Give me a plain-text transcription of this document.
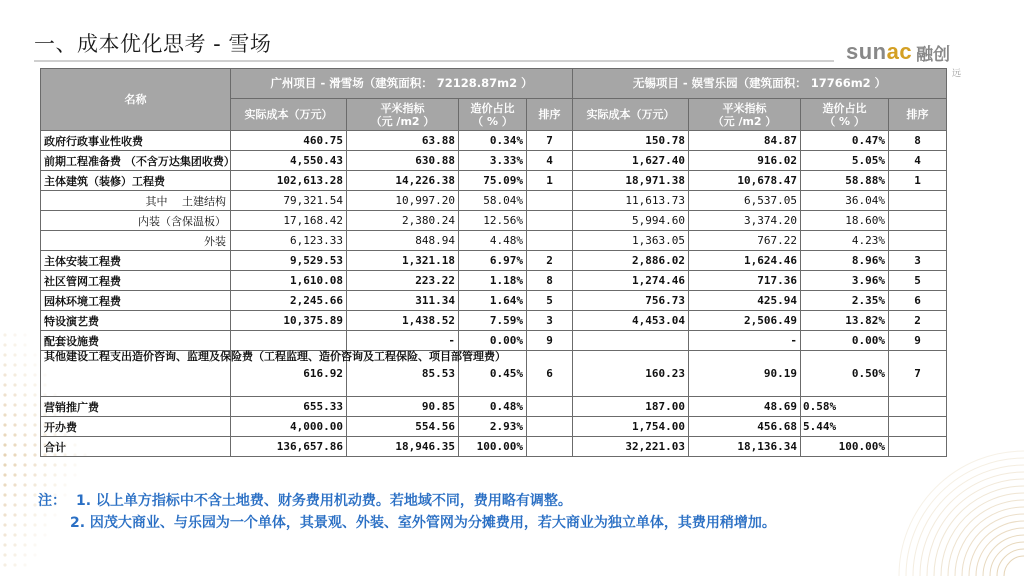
一、成本优化思考 - 雪场	sunac 融创
远
名称	广州项目 - 滑雪场（建筑面积： 72128.87m2 ）				无锡项目 - 娱雪乐园（建筑面积： 17766m2 ）			
	实际成本（万元）	平米指标
（元 /m2 ）	造价占比
（ % ）	排序	实际成本（万元）	平米指标
（元 /m2 ）	造价占比
（ % ）	排序
政府行政事业性收费	460.75	63.88	0.34%	7	150.78	84.87	0.47%	8
前期工程准备费 （不含万达集团收费）	4,550.43	630.88	3.33%	4	1,627.40	916.02	5.05%	4
主体建筑（装修）工程费	102,613.28	14,226.38	75.09%	1	18,971.38	10,678.47	58.88%	1
其中　 土建结构	79,321.54	10,997.20	58.04%		11,613.73	6,537.05	36.04%	
内装（含保温板）	17,168.42	2,380.24	12.56%		5,994.60	3,374.20	18.60%	
外装	6,123.33	848.94	4.48%		1,363.05	767.22	4.23%	
主体安装工程费	9,529.53	1,321.18	6.97%	2	2,886.02	1,624.46	8.96%	3
社区管网工程费	1,610.08	223.22	1.18%	8	1,274.46	717.36	3.96%	5
园林环境工程费	2,245.66	311.34	1.64%	5	756.73	425.94	2.35%	6
特设演艺费	10,375.89	1,438.52	7.59%	3	4,453.04	2,506.49	13.82%	2
配套设施费		-	0.00%	9		-	0.00%	9
其他建设工程支出造价咨询、监理及保险费（工程监理、造价咨询及工程保险、项目部管理费）	616.92	85.53	0.45%	6	160.23	90.19	0.50%	7
营销推广费	655.33	90.85	0.48%		187.00	48.69	0.58%	
开办费	4,000.00	554.56	2.93%		1,754.00	456.68	5.44%	
合计	136,657.86	18,946.35	100.00%		32,221.03	18,136.34	100.00%	
注： 1. 以上单方指标中不含土地费、财务费用机动费。若地域不同，费用略有调整。
2. 因茂大商业、与乐园为一个单体，其景观、外装、室外管网为分摊费用，若大商业为独立单体，其费用稍增加。
